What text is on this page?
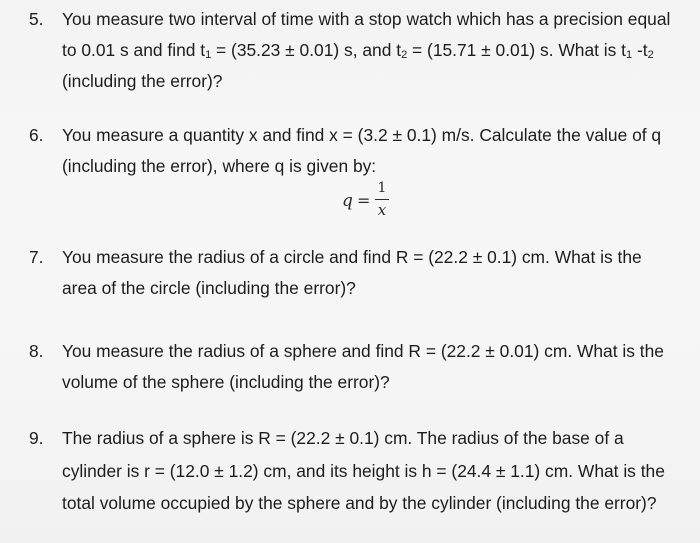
5.	You measure two interval of time with a stop watch which has a precision equal
to 0.01 s and find t1 = (35.23 ± 0.01) s, and t2 = (15.71 ± 0.01) s. What is t1 -t2
(including the error)?
6.	You measure a quantity x and find x = (3.2 ± 0.1) m/s. Calculate the value of q
(including the error), where q is given by:
q =
1
x
7.	You measure the radius of a circle and find R = (22.2 ± 0.1) cm. What is the
area of the circle (including the error)?
8.	You measure the radius of a sphere and find R = (22.2 ± 0.01) cm. What is the
volume of the sphere (including the error)?
9.	The radius of a sphere is R = (22.2 ± 0.1) cm. The radius of the base of a
cylinder is r = (12.0 ± 1.2) cm, and its height is h = (24.4 ± 1.1) cm. What is the
total volume occupied by the sphere and by the cylinder (including the error)?
